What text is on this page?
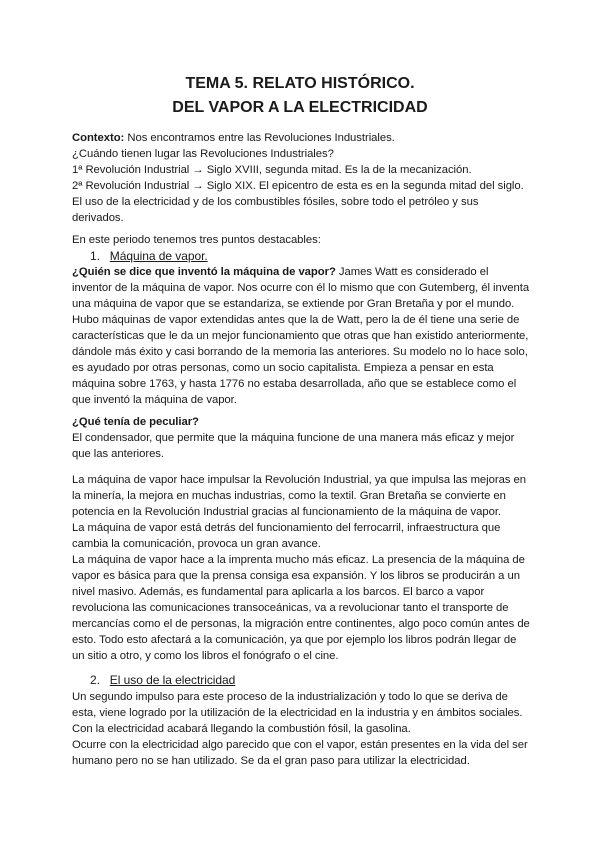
TEMA 5. RELATO HISTÓRICO.
DEL VAPOR A LA ELECTRICIDAD
Contexto: Nos encontramos entre las Revoluciones Industriales.
¿Cuándo tienen lugar las Revoluciones Industriales?
1ª Revolución Industrial → Siglo XVIII, segunda mitad. Es la de la mecanización.
2ª Revolución Industrial → Siglo XIX. El epicentro de esta es en la segunda mitad del siglo.
El uso de la electricidad y de los combustibles fósiles, sobre todo el petróleo y sus
derivados.
En este periodo tenemos tres puntos destacables:
1. Máquina de vapor.
¿Quién se dice que inventó la máquina de vapor? James Watt es considerado el
inventor de la máquina de vapor. Nos ocurre con él lo mismo que con Gutemberg, él inventa
una máquina de vapor que se estandariza, se extiende por Gran Bretaña y por el mundo.
Hubo máquinas de vapor extendidas antes que la de Watt, pero la de él tiene una serie de
características que le da un mejor funcionamiento que otras que han existido anteriormente,
dándole más éxito y casi borrando de la memoria las anteriores. Su modelo no lo hace solo,
es ayudado por otras personas, como un socio capitalista. Empieza a pensar en esta
máquina sobre 1763, y hasta 1776 no estaba desarrollada, año que se establece como el
que inventó la máquina de vapor.
¿Qué tenía de peculiar?
El condensador, que permite que la máquina funcione de una manera más eficaz y mejor
que las anteriores.
La máquina de vapor hace impulsar la Revolución Industrial, ya que impulsa las mejoras en
la minería, la mejora en muchas industrias, como la textil. Gran Bretaña se convierte en
potencia en la Revolución Industrial gracias al funcionamiento de la máquina de vapor.
La máquina de vapor está detrás del funcionamiento del ferrocarril, infraestructura que
cambia la comunicación, provoca un gran avance.
La máquina de vapor hace a la imprenta mucho más eficaz. La presencia de la máquina de
vapor es básica para que la prensa consiga esa expansión. Y los libros se producirán a un
nivel masivo. Además, es fundamental para aplicarla a los barcos. El barco a vapor
revoluciona las comunicaciones transoceánicas, va a revolucionar tanto el transporte de
mercancías como el de personas, la migración entre continentes, algo poco común antes de
esto. Todo esto afectará a la comunicación, ya que por ejemplo los libros podrán llegar de
un sitio a otro, y como los libros el fonógrafo o el cine.
2. El uso de la electricidad
Un segundo impulso para este proceso de la industrialización y todo lo que se deriva de
esta, viene logrado por la utilización de la electricidad en la industria y en ámbitos sociales.
Con la electricidad acabará llegando la combustión fósil, la gasolina.
Ocurre con la electricidad algo parecido que con el vapor, están presentes en la vida del ser
humano pero no se han utilizado. Se da el gran paso para utilizar la electricidad.
